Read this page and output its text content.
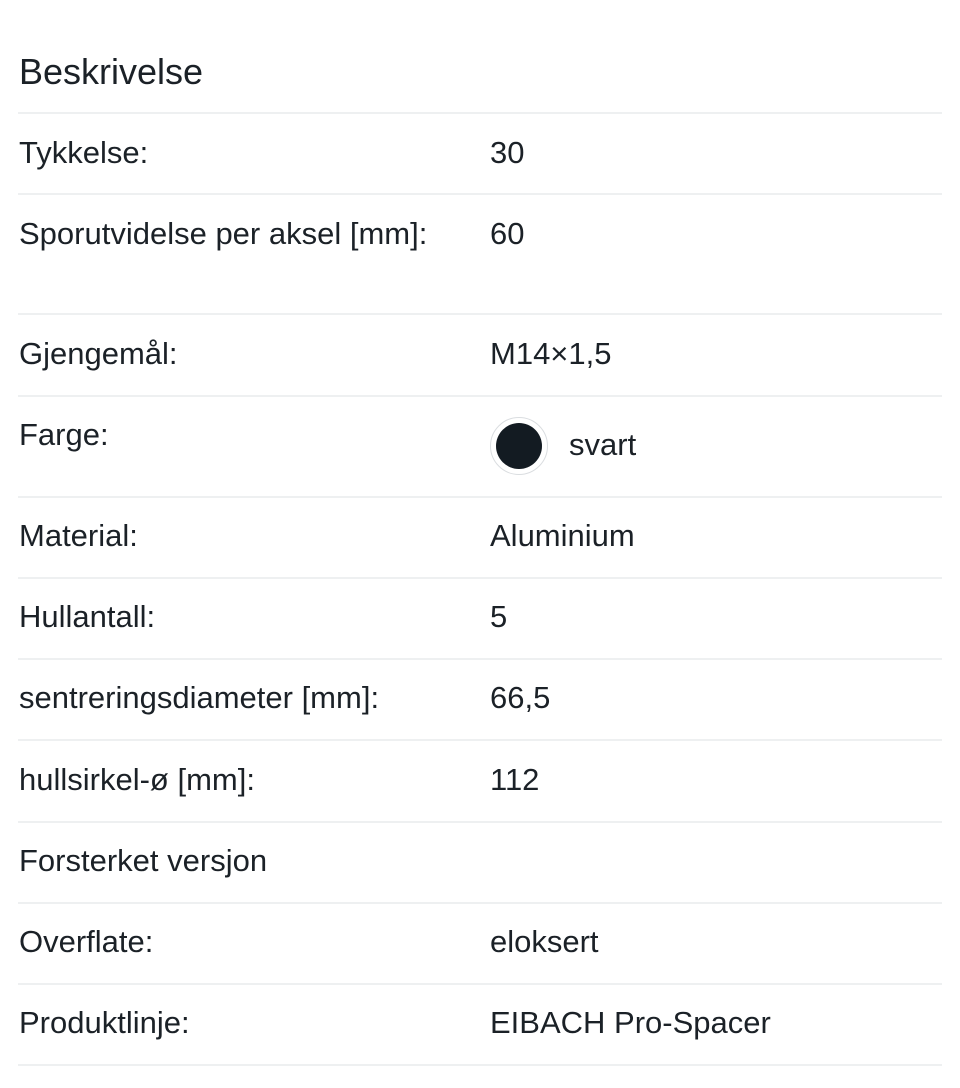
Beskrivelse
Tykkelse:	30
Sporutvidelse per aksel [mm]:	60
Gjengemål:	M14×1,5
Farge:	svart
Material:	Aluminium
Hullantall:	5
sentreringsdiameter [mm]:	66,5
hullsirkel-ø [mm]:	112
Forsterket versjon
Overflate:	eloksert
Produktlinje:	EIBACH Pro-Spacer
